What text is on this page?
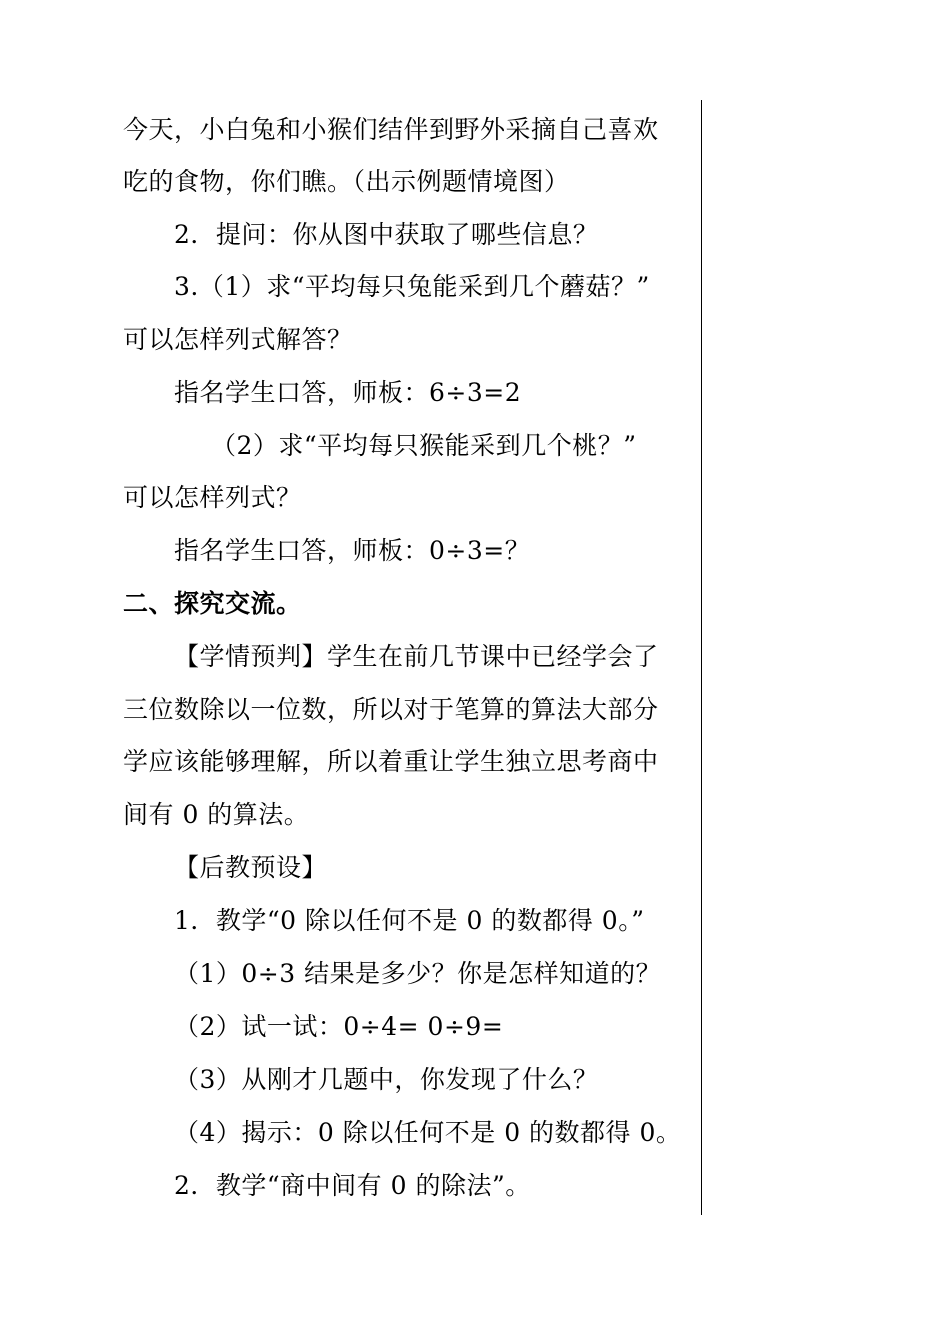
今天，小白兔和小猴们结伴到野外采摘自己喜欢
吃的食物，你们瞧。（出示例题情境图）
2．提问：你从图中获取了哪些信息？
3.（1）求“平均每只兔能采到几个蘑菇？”
可以怎样列式解答？
指名学生口答，师板：6÷3=2
（2）求“平均每只猴能采到几个桃？”
可以怎样列式？
指名学生口答，师板：0÷3=？
二、探究交流。
【学情预判】学生在前几节课中已经学会了
三位数除以一位数，所以对于笔算的算法大部分
学应该能够理解，所以着重让学生独立思考商中
间有 0 的算法。
【后教预设】
1．教学“0 除以任何不是 0 的数都得 0。”
（1）0÷3 结果是多少？你是怎样知道的？
（2）试一试：0÷4= 0÷9=
（3）从刚才几题中，你发现了什么？
（4）揭示：0 除以任何不是 0 的数都得 0。
2．教学“商中间有 0 的除法”。
